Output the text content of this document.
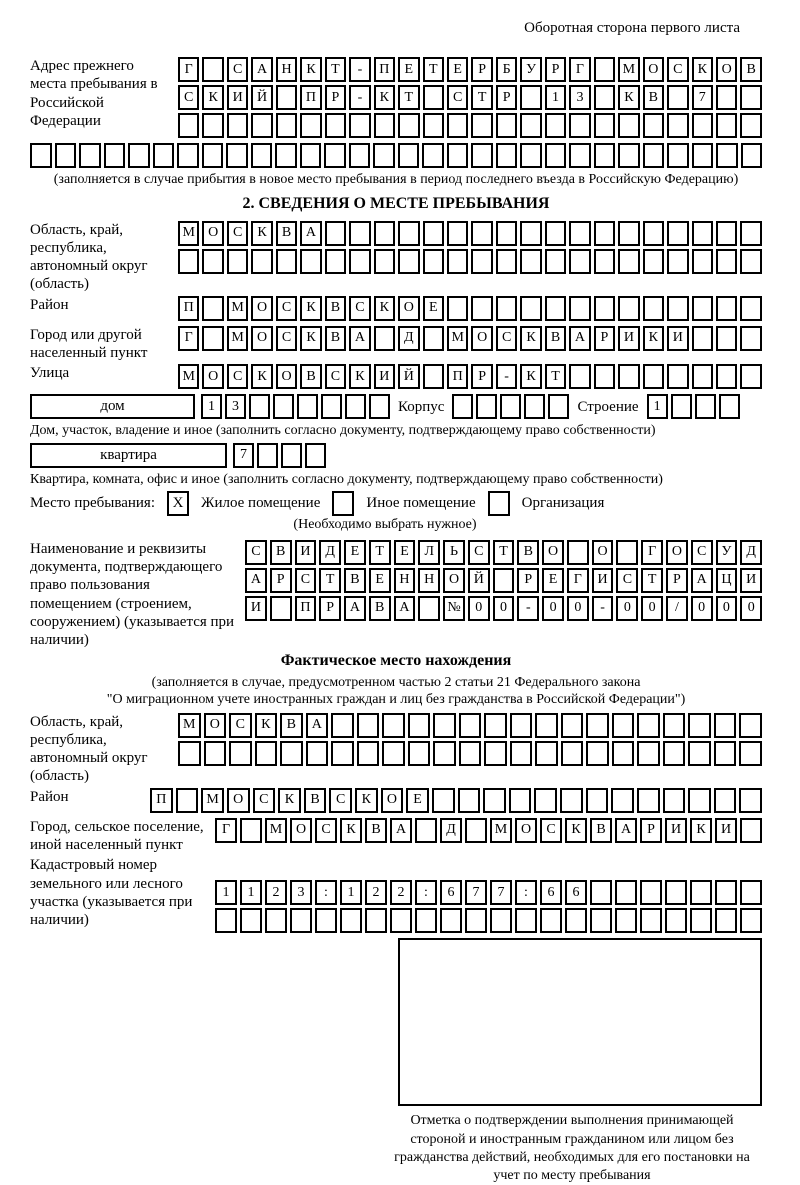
Оборотная сторона первого листа
Адрес прежнего места пребывания в Российской Федерации
Г	С	А	Н	К	Т	-	П	Е	Т	Е	Р	Б	У	Р	Г	М О	С	К	О	В
С	К	И	Й	П	Р	-	К	Т	С	Т	Р	1	3	К	В	7
(заполняется в случае прибытия в новое место пребывания в период последнего въезда в Российскую Федерацию)
2. СВЕДЕНИЯ О МЕСТЕ ПРЕБЫВАНИЯ
Область, край, республика, автономный округ (область)
М О	С	К	В	А
Район	П	М О	С	К	В	С	К	О	Е
Город или другой населенный пункт
Г	М О	С	К	В	А	Д	М О	С	К	В	А	Р	И	К	И
Улица	М О	С	К	О	В	С	К	И	Й	П	Р	-	К	Т
дом	1	3	Корпус	Строение	1
Дом, участок, владение и иное (заполнить согласно документу, подтверждающему право собственности)
квартира	7
Квартира, комната, офис и иное (заполнить согласно документу, подтверждающему право собственности)
Место пребывания:	X	Жилое помещение	Иное помещение	Организация
(Необходимо выбрать нужное)
Наименование и реквизиты документа, подтверждающего право пользования помещением (строением, сооружением) (указывается при наличии)
С	В	И	Д	Е	Т	Е	Л	Ь	С	Т	В	О	О	Г	О	С	У	Д
А	Р	С	Т	В	Е	Н	Н	О	Й	Р	Е	Г	И	С	Т	Р	А	Ц	И
И	П	Р	А	В	А	№	0	0	-	0	0	-	0	0	/	0	0	0
Фактическое место нахождения
(заполняется в случае, предусмотренном частью 2 статьи 21 Федерального закона
"О миграционном учете иностранных граждан и лиц без гражданства в Российской Федерации")
Область, край, республика, автономный округ (область)
М	О	С	К	В	А
Район	П	М	О	С	К	В	С	К	О	Е
Город, сельское поселение, иной населенный пункт
Г	М О	С	К	В	А	Д	М О	С	К	В	А	Р	И	К	И
Кадастровый номер земельного или лесного участка (указывается при наличии)
1	1	2	3	:	1	2	2	:	6	7	7	:	6	6
Отметка о подтверждении выполнения принимающей стороной и иностранным гражданином или лицом без гражданства действий, необходимых для его постановки на учет по месту пребывания
